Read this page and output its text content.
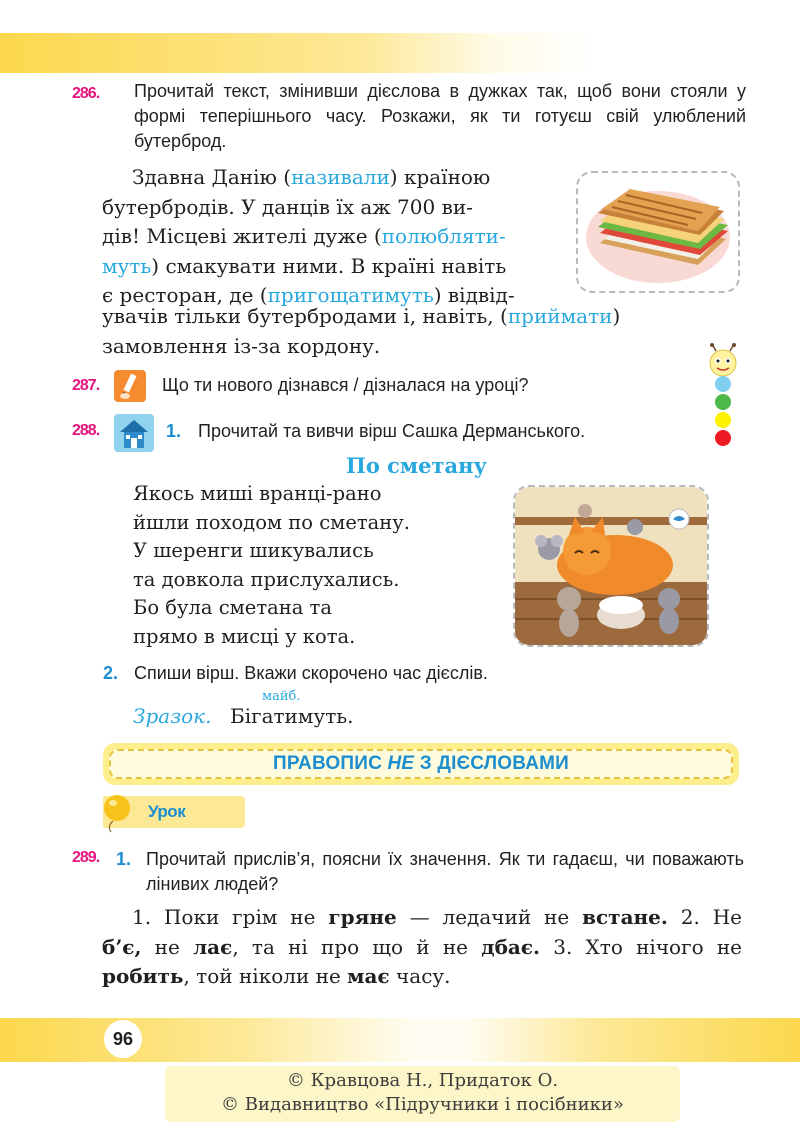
286. Прочитай текст, змінивши дієслова в дужках так, щоб вони стояли у формі теперішнього часу. Розкажи, як ти готуєш свій улюблений бутерброд.
Здавна Данію (називали) країною
бутербродів. У данців їх аж 700 ви-
дів! Місцеві жителі дуже (полюбляти-
муть) смакувати ними. В країні навіть
є ресторан, де (пригощатимуть) відвід-
увачів тільки бутербродами і, навіть, (приймати)
замовлення із-за кордону.
287.	Що ти нового дізнався / дізналася на уроці?
288.	1. Прочитай та вивчи вірш Сашка Дерманського.
По сметану
Якось миші вранці-рано
йшли походом по сметану.
У шеренги шикувались
та довкола прислухались.
Бо була сметана та
прямо в мисці у кота.
2. Спиши вірш. Вкажи скорочено час дієслів.
Зразок.
майб.
Бігатимуть.
ПРАВОПИС НЕ З ДІЄСЛОВАМИ
Урок
289. 1. Прочитай прислів’я, поясни їх значення. Як ти гадаєш, чи поважають лінивих людей?
1. Поки грім не гряне — ледачий не встане. 2. Не
б’є, не лає, та ні про що й не дбає. 3. Хто нічого не
робить, той ніколи не має часу.
96
© Кравцова Н., Придаток О.
© Видавництво «Підручники і посібники»
